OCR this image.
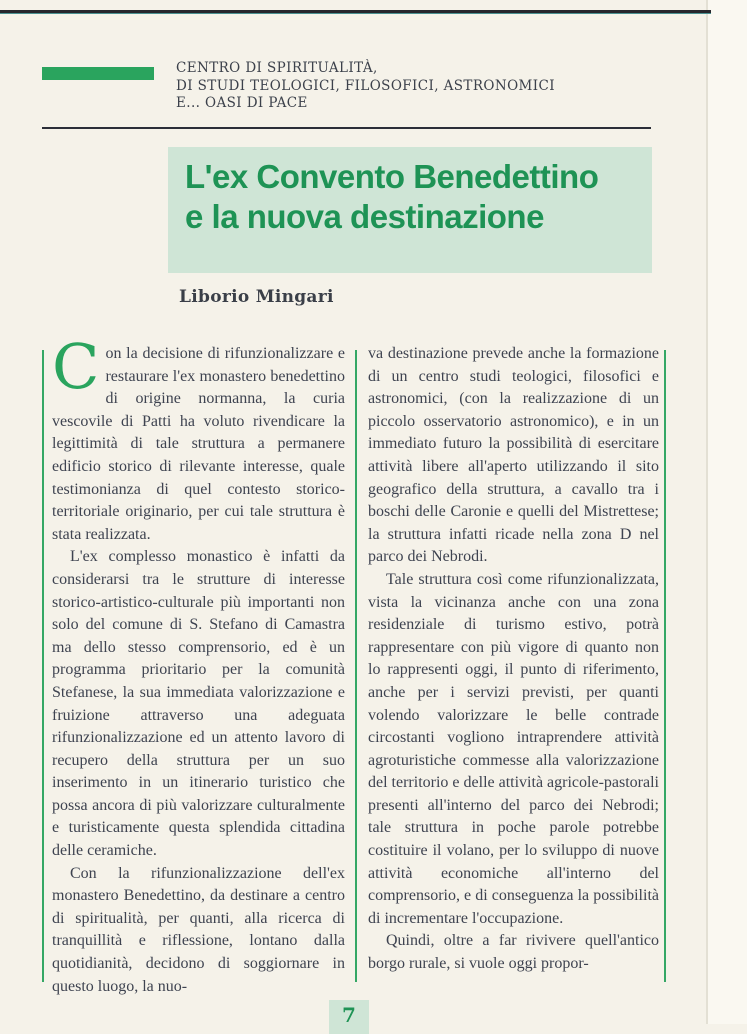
CENTRO DI SPIRITUALITÀ,
DI STUDI TEOLOGICI, FILOSOFICI, ASTRONOMICI
E... OASI DI PACE
L'ex Convento Benedettino
e la nuova destinazione
Liborio Mingari

Con la decisione di rifunzionalizzare e restaurare l'ex monastero benedettino di origine normanna, la curia vescovile di Patti ha voluto rivendicare la legittimità di tale struttura a permanere edificio storico di rilevante interesse, quale testimonianza di quel contesto storico-territoriale originario, per cui tale struttura è stata realizzata.

L'ex complesso monastico è infatti da considerarsi tra le strutture di interesse storico-artistico-culturale più importanti non solo del comune di S. Stefano di Camastra ma dello stesso comprensorio, ed è un programma prioritario per la comunità Stefanese, la sua immediata valorizzazione e fruizione attraverso una adeguata rifunzionalizzazione ed un attento lavoro di recupero della struttura per un suo inserimento in un itinerario turistico che possa ancora di più valorizzare culturalmente e turisticamente questa splendida cittadina delle ceramiche.

Con la rifunzionalizzazione dell'ex monastero Benedettino, da destinare a centro di spiritualità, per quanti, alla ricerca di tranquillità e riflessione, lontano dalla quotidianità, decidono di soggiornare in questo luogo, la nuo-

va destinazione prevede anche la formazione di un centro studi teologici, filosofici e astronomici, (con la realizzazione di un piccolo osservatorio astronomico), e in un immediato futuro la possibilità di esercitare attività libere all'aperto utilizzando il sito geografico della struttura, a cavallo tra i boschi delle Caronie e quelli del Mistrettese; la struttura infatti ricade nella zona D nel parco dei Nebrodi.

Tale struttura così come rifunzionalizzata, vista la vicinanza anche con una zona residenziale di turismo estivo, potrà rappresentare con più vigore di quanto non lo rappresenti oggi, il punto di riferimento, anche per i servizi previsti, per quanti volendo valorizzare le belle contrade circostanti vogliono intraprendere attività agroturistiche commesse alla valorizzazione del territorio e delle attività agricole-pastorali presenti all'interno del parco dei Nebrodi; tale struttura in poche parole potrebbe costituire il volano, per lo sviluppo di nuove attività economiche all'interno del comprensorio, e di conseguenza la possibilità di incrementare l'occupazione.

Quindi, oltre a far rivivere quell'antico borgo rurale, si vuole oggi propor-

7
